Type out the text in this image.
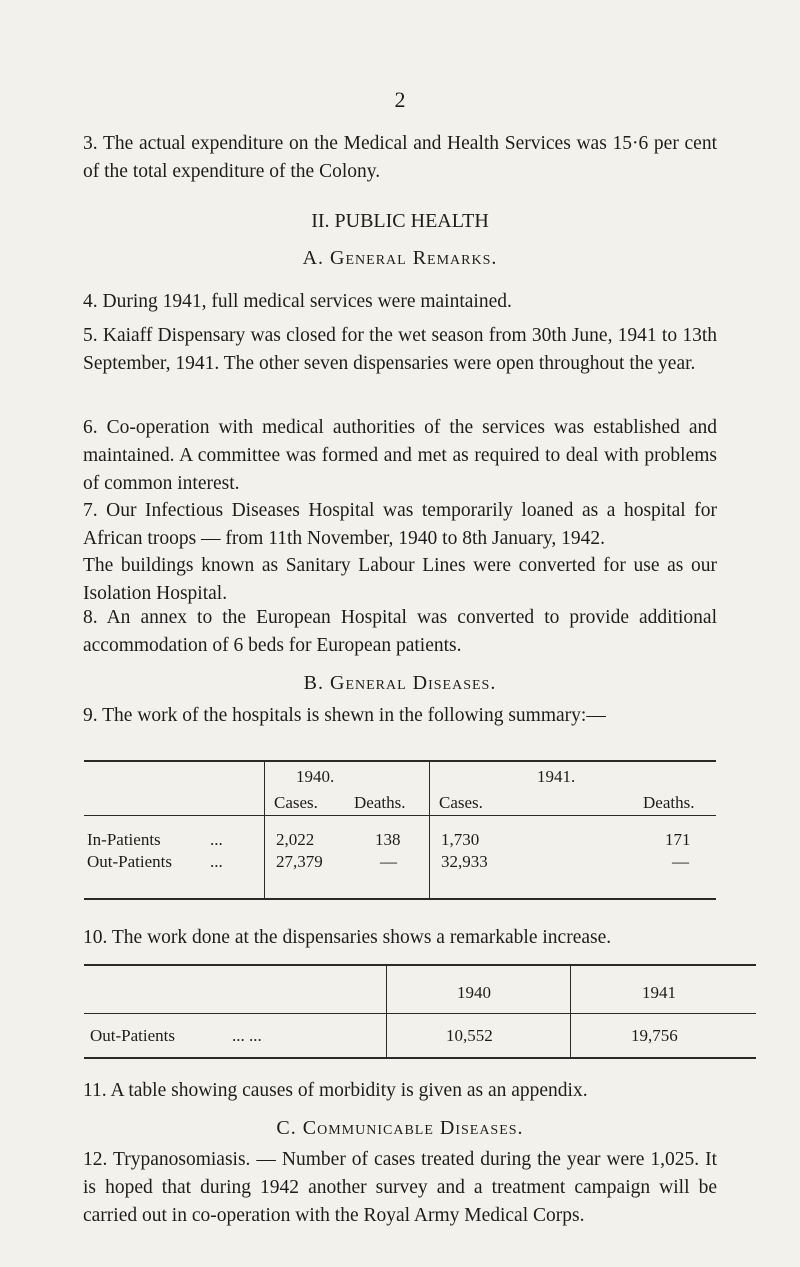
2

3. The actual expenditure on the Medical and Health Services was 15·6 per cent of the total expenditure of the Colony.

II. PUBLIC HEALTH

A. General Remarks.

4. During 1941, full medical services were maintained.

5. Kaiaff Dispensary was closed for the wet season from 30th June, 1941 to 13th September, 1941. The other seven dispensaries were open throughout the year.

6. Co-operation with medical authorities of the services was established and maintained. A committee was formed and met as required to deal with problems of common interest.

7. Our Infectious Diseases Hospital was temporarily loaned as a hospital for African troops — from 11th November, 1940 to 8th January, 1942.

The buildings known as Sanitary Labour Lines were converted for use as our Isolation Hospital.

8. An annex to the European Hospital was converted to provide additional accommodation of 6 beds for European patients.

B. General Diseases.

9. The work of the hospitals is shewn in the following summary:—

1940.	1941.
Cases. Deaths. Cases.	Deaths.
In-Patients	...	2,022	138 1,730	171
Out-Patients ...	27,379	—	32,933	—

10. The work done at the dispensaries shows a remarkable increase.

1940	1941
Out-Patients	... ...	10,552	19,756

11. A table showing causes of morbidity is given as an appendix.

C. Communicable Diseases.

12. Trypanosomiasis. — Number of cases treated during the year were 1,025. It is hoped that during 1942 another survey and a treatment campaign will be carried out in co-operation with the Royal Army Medical Corps.
